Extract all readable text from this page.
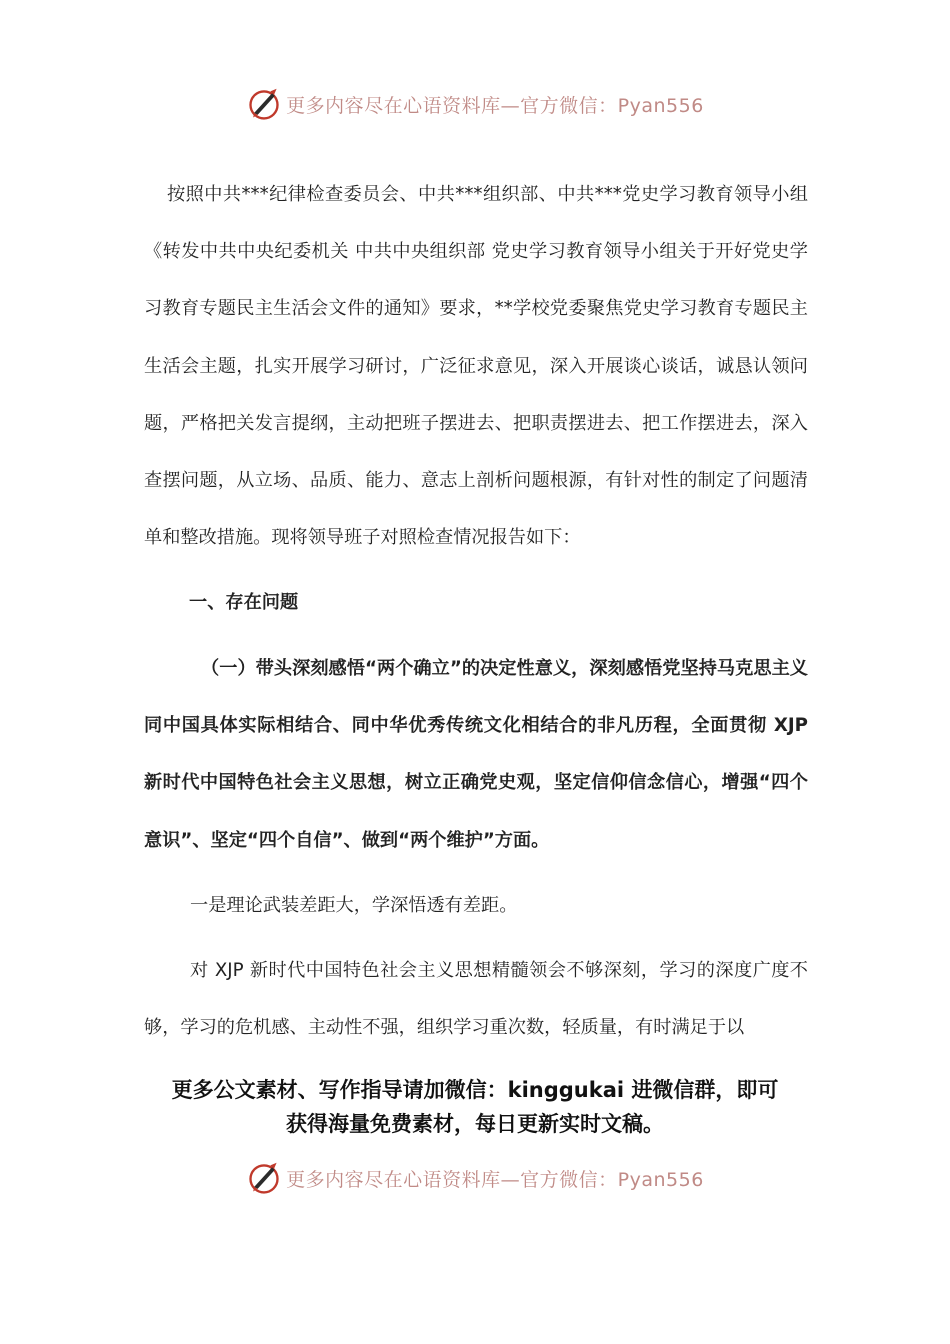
更多内容尽在心语资料库—官方微信：Pyan556

按照中共***纪律检查委员会、中共***组织部、中共***党史学习教育领导小组《转发中共中央纪委机关 中共中央组织部 党史学习教育领导小组关于开好党史学习教育专题民主生活会文件的通知》要求，**学校党委聚焦党史学习教育专题民主生活会主题，扎实开展学习研讨，广泛征求意见，深入开展谈心谈话，诚恳认领问题，严格把关发言提纲，主动把班子摆进去、把职责摆进去、把工作摆进去，深入查摆问题，从立场、品质、能力、意志上剖析问题根源，有针对性的制定了问题清单和整改措施。现将领导班子对照检查情况报告如下：

一、存在问题

（一）带头深刻感悟“两个确立”的决定性意义，深刻感悟党坚持马克思主义同中国具体实际相结合、同中华优秀传统文化相结合的非凡历程，全面贯彻 XJP 新时代中国特色社会主义思想，树立正确党史观，坚定信仰信念信心，增强“四个意识”、坚定“四个自信”、做到“两个维护”方面。

一是理论武装差距大，学深悟透有差距。

对 XJP 新时代中国特色社会主义思想精髓领会不够深刻，学习的深度广度不够，学习的危机感、主动性不强，组织学习重次数，轻质量，有时满足于以

更多公文素材、写作指导请加微信：kinggukai 进微信群，即可
获得海量免费素材，每日更新实时文稿。
更多内容尽在心语资料库—官方微信：Pyan556
